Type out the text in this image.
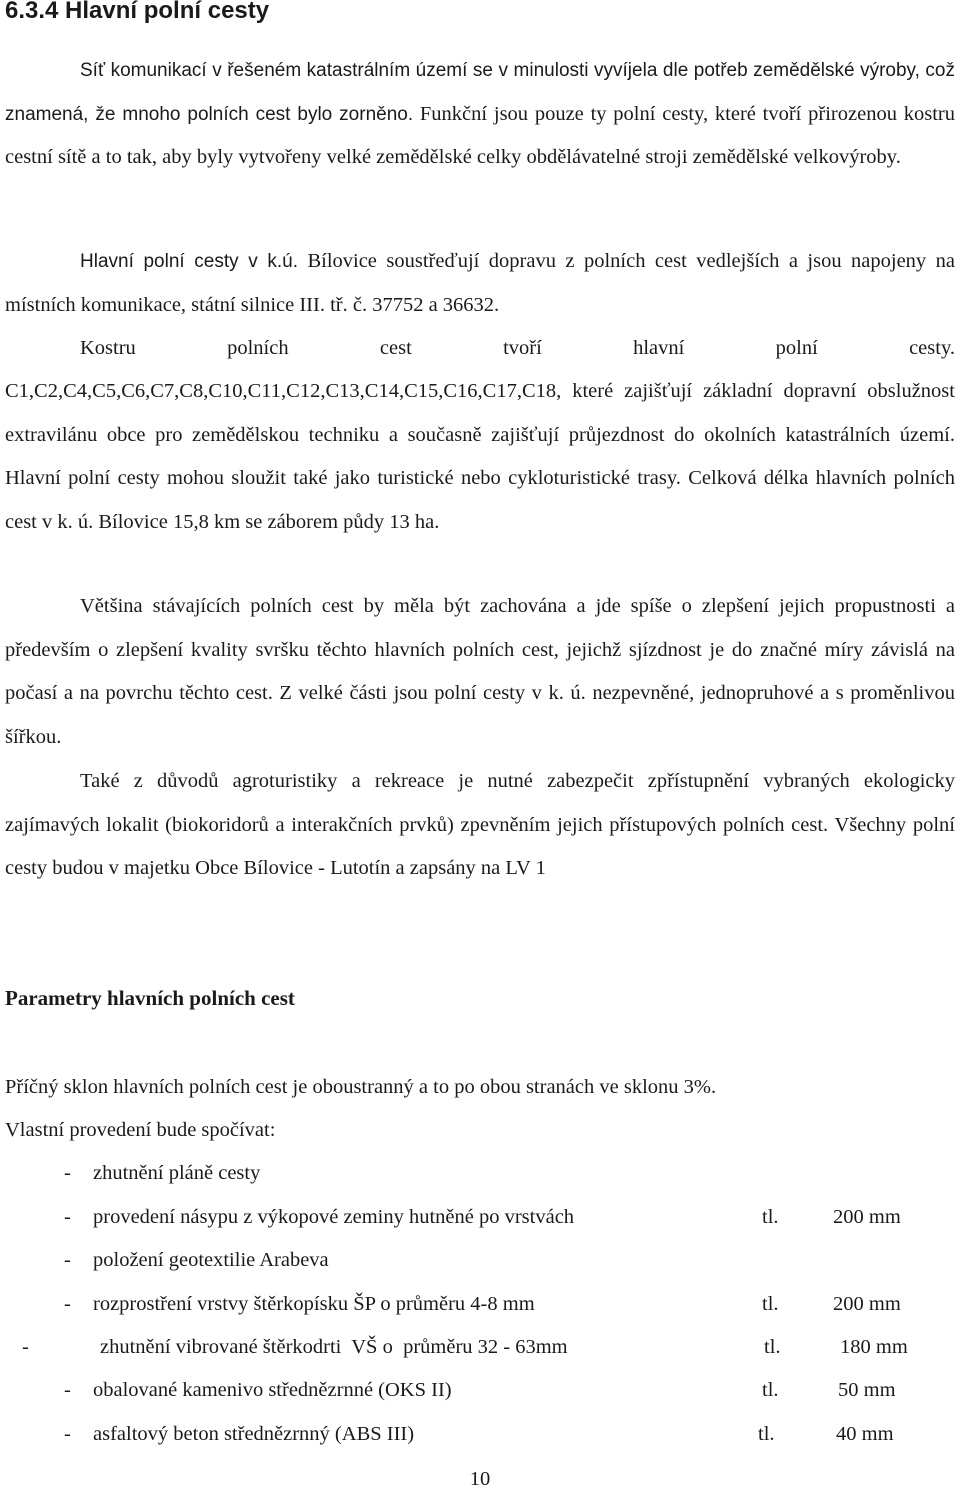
6.3.4 Hlavní polní cesty

Síť komunikací v řešeném katastrálním území se v minulosti vyvíjela dle potřeb zemědělské výroby, což znamená, že mnoho polních cest bylo zorněno. Funkční jsou pouze ty polní cesty, které tvoří přirozenou kostru cestní sítě a to tak, aby byly vytvořeny velké zemědělské celky obdělávatelné stroji zemědělské velkovýroby.

Hlavní polní cesty v k.ú. Bílovice soustřeďují dopravu z polních cest vedlejších a jsou napojeny na místních komunikace, státní silnice III. tř. č. 37752 a 36632.

Kostru polních cest tvoří hlavní polní cesty.

C1,C2,C4,C5,C6,C7,C8,C10,C11,C12,C13,C14,C15,C16,C17,C18, které zajišťují základní dopravní obslužnost extravilánu obce pro zemědělskou techniku a současně zajišťují průjezdnost do okolních katastrálních území. Hlavní polní cesty mohou sloužit také jako turistické nebo cykloturistické trasy. Celková délka hlavních polních cest v k. ú. Bílovice 15,8 km se záborem půdy 13 ha.

Většina stávajících polních cest by měla být zachována a jde spíše o zlepšení jejich propustnosti a především o zlepšení kvality svršku těchto hlavních polních cest, jejichž sjízdnost je do značné míry závislá na počasí a na povrchu těchto cest. Z velké části jsou polní cesty v k. ú. nezpevněné, jednopruhové a s proměnlivou šířkou.

Také z důvodů agroturistiky a rekreace je nutné zabezpečit zpřístupnění vybraných ekologicky zajímavých lokalit (biokoridorů a interakčních prvků) zpevněním jejich přístupových polních cest. Všechny polní cesty budou v majetku Obce Bílovice - Lutotín a zapsány na LV 1

Parametry hlavních polních cest

Příčný sklon hlavních polních cest je oboustranný a to po obou stranách ve sklonu 3%.

Vlastní provedení bude spočívat:

- zhutnění pláně cesty
- provedení násypu z výkopové zeminy hutněné po vrstvách	tl.	200 mm
- položení geotextilie Arabeva
- rozprostření vrstvy štěrkopísku ŠP o průměru 4-8 mm	tl.	200 mm
-	zhutnění vibrované štěrkodrti  VŠ o  průměru 32 - 63mm	tl.	180 mm
- obalované kamenivo střednězrnné (OKS II)	tl.	50 mm
- asfaltový beton střednězrnný (ABS III)	tl.	40 mm
10
